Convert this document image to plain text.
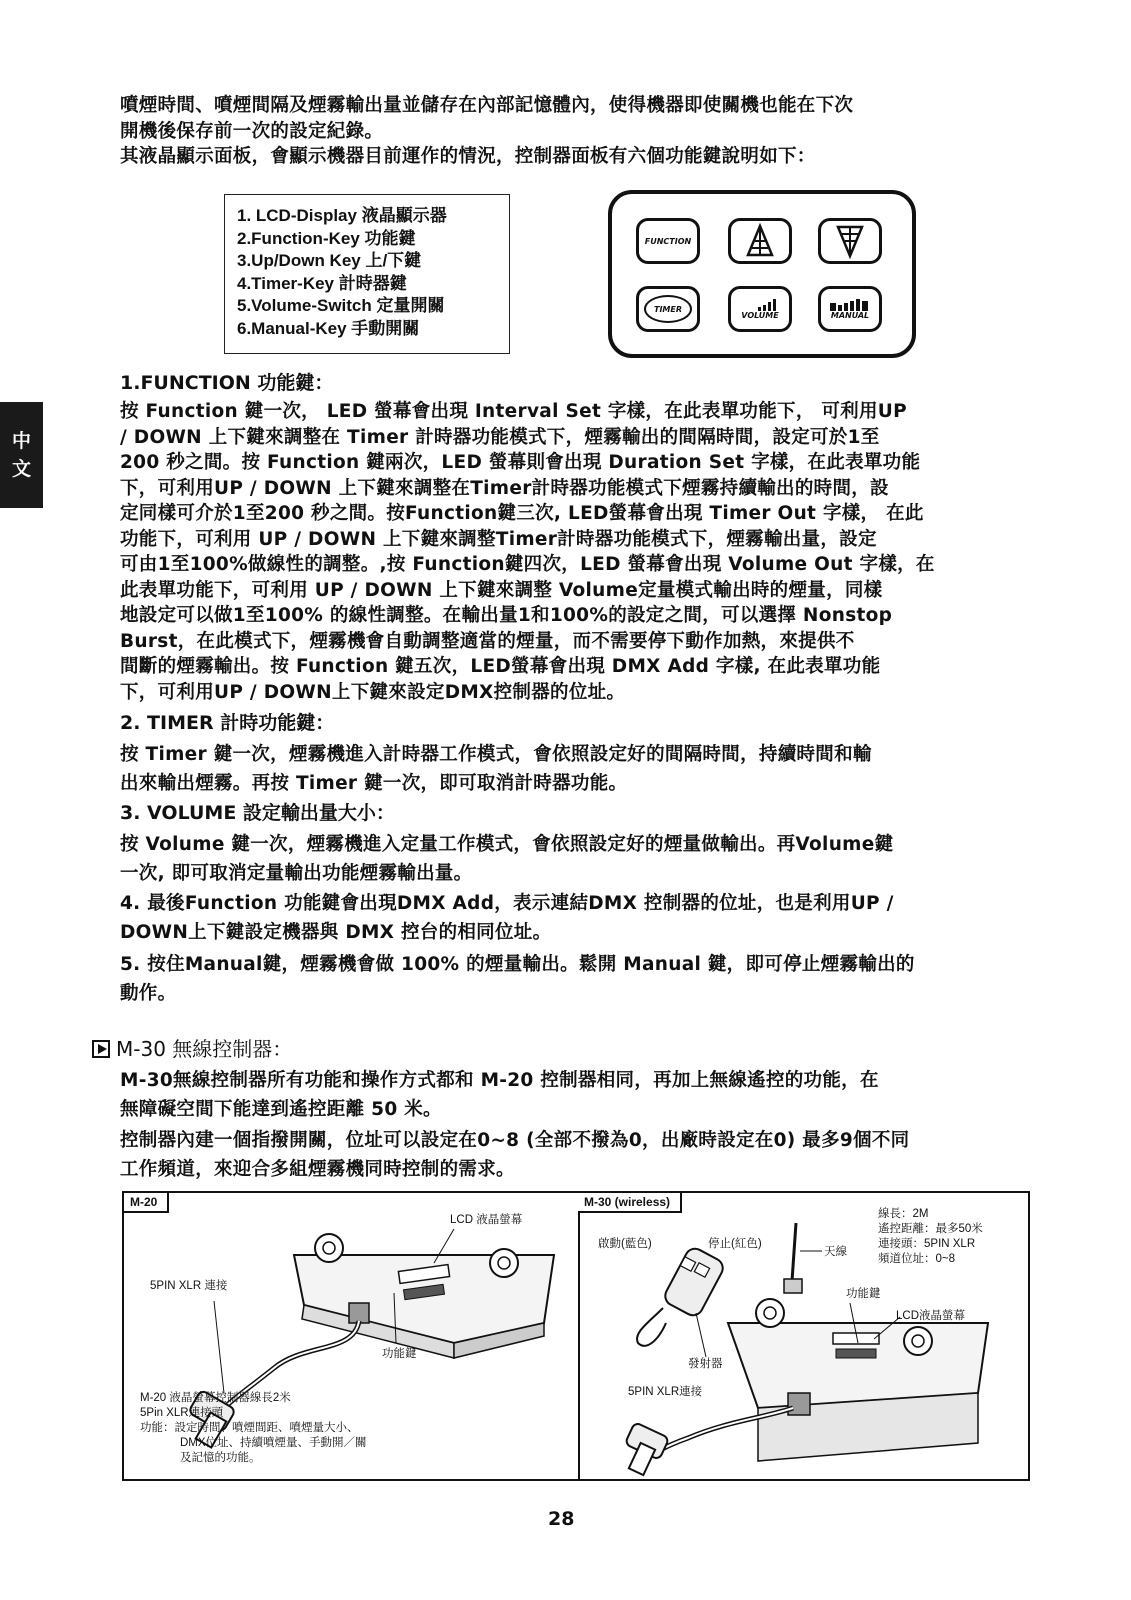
噴煙時間、噴煙間隔及煙霧輸出量並儲存在內部記憶體內，使得機器即使關機也能在下次

開機後保存前一次的設定紀錄。

其液晶顯示面板，會顯示機器目前運作的情況，控制器面板有六個功能鍵說明如下：

中
文
1. LCD-Display 液晶顯示器
2.Function-Key 功能鍵
3.Up/Down Key 上/下鍵
4.Timer-Key 計時器鍵
5.Volume-Switch 定量開關
6.Manual-Key 手動開關
FUNCTION
TIMER
VOLUME	MANUAL
1.FUNCTION 功能鍵：

按 Function 鍵一次， LED 螢幕會出現 Interval Set 字樣，在此表單功能下， 可利用UP

/ DOWN 上下鍵來調整在 Timer 計時器功能模式下，煙霧輸出的間隔時間，設定可於1至

200 秒之間。按 Function 鍵兩次，LED 螢幕則會出現 Duration Set 字樣，在此表單功能

下，可利用UP / DOWN 上下鍵來調整在Timer計時器功能模式下煙霧持續輸出的時間，設

定同樣可介於1至200 秒之間。按Function鍵三次, LED螢幕會出現 Timer Out 字樣， 在此

功能下，可利用 UP / DOWN 上下鍵來調整Timer計時器功能模式下，煙霧輸出量，設定

可由1至100%做線性的調整。,按 Function鍵四次，LED 螢幕會出現 Volume Out 字樣，在

此表單功能下，可利用 UP / DOWN 上下鍵來調整 Volume定量模式輸出時的煙量，同樣

地設定可以做1至100% 的線性調整。在輸出量1和100%的設定之間，可以選擇 Nonstop

Burst，在此模式下，煙霧機會自動調整適當的煙量，而不需要停下動作加熱，來提供不

間斷的煙霧輸出。按 Function 鍵五次，LED螢幕會出現 DMX Add 字樣, 在此表單功能

下，可利用UP / DOWN上下鍵來設定DMX控制器的位址。

2. TIMER 計時功能鍵：

按 Timer 鍵一次，煙霧機進入計時器工作模式，會依照設定好的間隔時間，持續時間和輸

出來輸出煙霧。再按 Timer 鍵一次，即可取消計時器功能。

3. VOLUME 設定輸出量大小：

按 Volume 鍵一次，煙霧機進入定量工作模式，會依照設定好的煙量做輸出。再Volume鍵

一次, 即可取消定量輸出功能煙霧輸出量。

4. 最後Function 功能鍵會出現DMX Add，表示連結DMX 控制器的位址，也是利用UP /

DOWN上下鍵設定機器與 DMX 控台的相同位址。

5. 按住Manual鍵，煙霧機會做 100% 的煙量輸出。鬆開 Manual 鍵，即可停止煙霧輸出的

動作。

M-30 無線控制器：

M-30無線控制器所有功能和操作方式都和 M-20 控制器相同，再加上無線遙控的功能，在

無障礙空間下能達到遙控距離 50 米。

控制器內建一個指撥開關，位址可以設定在0~8 (全部不撥為0，出廠時設定在0) 最多9個不同

工作頻道，來迎合多組煙霧機同時控制的需求。

M-20
LCD 液晶螢幕
5PIN XLR 連接
功能鍵
M-20 液晶螢幕控制器線長2米
5Pin XLR連接頭
功能：設定時間、噴煙間距、噴煙量大小、
DMX位址、持續噴煙量、手動開／關
及記憶的功能。
M-30 (wireless)
啟動(藍色)	停止(紅色)
天線
線長：2M
遙控距離：最多50米
連接頭：5PIN XLR
頻道位址：0~8
功能鍵
LCD液晶螢幕
發射器
5PIN XLR連接
28
